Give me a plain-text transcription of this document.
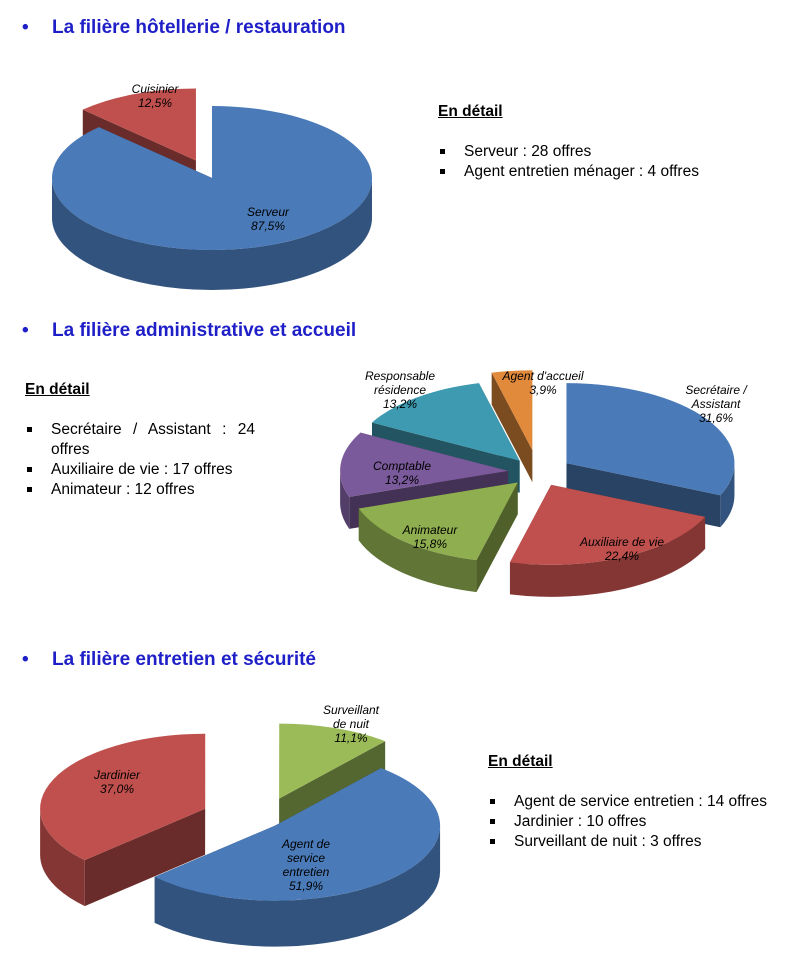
• La filière hôtellerie / restauration
Serveur 87,5%
Cuisinier 12,5%	En détail
Serveur : 28 offres
Agent entretien ménager : 4 offres
• La filière administrative et accueil
En détail
Secrétaire / Assistant : 24 offres
Auxiliaire de vie : 17 offres
Animateur : 12 offres
Secrétaire / Assistant 31,6%
Auxiliaire de vie 22,4%
Animateur 15,8%
Comptable 13,2%
Responsable résidence 13,2%
Agent d'accueil 3,9%
• La filière entretien et sécurité
Agent de service entretien 51,9%
Jardinier 37,0%
Surveillant de nuit 11,1%
En détail
Agent de service entretien : 14 offres
Jardinier : 10 offres
Surveillant de nuit : 3 offres
